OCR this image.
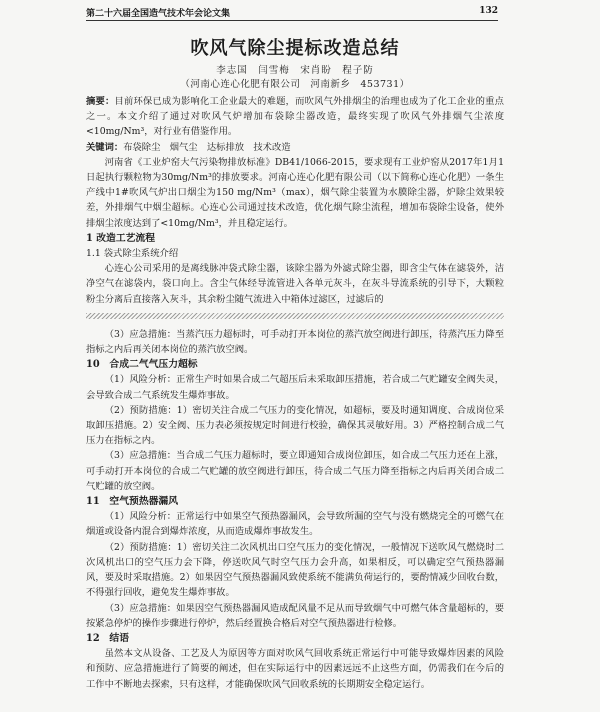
第二十六届全国造气技术年会论文集	132
吹风气除尘提标改造总结
李志国　闫雪梅　宋肖盼　程子防
（河南心连心化肥有限公司　河南新乡　453731）

摘要：目前环保已成为影响化工企业最大的难题，而吹风气外排烟尘的治理也成为了化工企业的重点之一。本文介绍了通过对吹风气炉增加布袋除尘器改造，最终实现了吹风气外排烟气尘浓度<10mg/Nm³，对行业有借鉴作用。

关键词：布袋除尘　烟气尘　达标排放　技术改造

河南省《工业炉窑大气污染物排放标准》DB41/1066-2015，要求现有工业炉窑从2017年1月1日起执行颗粒物为30mg/Nm³的排放要求。河南心连心化肥有限公司（以下简称心连心化肥）一条生产线中1#吹风气炉出口烟尘为150 mg/Nm³（max），烟气除尘装置为水膜除尘器，炉除尘效果较差，外排烟气中烟尘超标。心连心公司通过技术改造，优化烟气除尘流程，增加布袋除尘设备，使外排烟尘浓度达到了<10mg/Nm³，并且稳定运行。

1 改造工艺流程

1.1 袋式除尘系统介绍

心连心公司采用的是离线脉冲袋式除尘器，该除尘器为外滤式除尘器，即含尘气体在滤袋外，洁净空气在滤袋内，袋口向上。含尘气体经导流管进入各单元灰斗，在灰斗导流系统的引导下，大颗粒粉尘分离后直接落入灰斗，其余粉尘随气流进入中箱体过滤区，过滤后的

（3）应急措施：当蒸汽压力超标时，可手动打开本岗位的蒸汽放空阀进行卸压，待蒸汽压力降至指标之内后再关闭本岗位的蒸汽放空阀。

10　合成二气气压力超标

（1）风险分析：正常生产时如果合成二气超压后未采取卸压措施，若合成二气贮罐安全阀失灵，会导致合成二气系统发生爆炸事故。

（2）预防措施：1）密切关注合成二气压力的变化情况，如超标，要及时通知调度、合成岗位采取卸压措施。2）安全阀、压力表必须按规定时间进行校验，确保其灵敏好用。3）严格控制合成二气压力在指标之内。

（3）应急措施：当合成二气压力超标时，要立即通知合成岗位卸压，如合成二气压力还在上涨，可手动打开本岗位的合成二气贮罐的放空阀进行卸压，待合成二气压力降至指标之内后再关闭合成二气贮罐的放空阀。

11　空气预热器漏风

（1）风险分析：正常运行中如果空气预热器漏风，会导致所漏的空气与没有燃烧完全的可燃气在烟道或设备内混合到爆炸浓度，从而造成爆炸事故发生。

（2）预防措施：1）密切关注二次风机出口空气压力的变化情况，一般情况下送吹风气燃烧时二次风机出口的空气压力会下降，停送吹风气时空气压力会升高，如果相反，可以确定空气预热器漏风，要及时采取措施。2）如果因空气预热器漏风致使系统不能满负荷运行的，要酌情减少回收台数，不得强行回收，避免发生爆炸事故。

（3）应急措施：如果因空气预热器漏风造成配风量不足从而导致烟气中可燃气体含量超标的，要按紧急停炉的操作步骤进行停炉，然后经置换合格后对空气预热器进行检修。

12　结语

虽然本文从设备、工艺及人为原因等方面对吹风气回收系统正常运行中可能导致爆炸因素的风险和预防、应急措施进行了简要的阐述，但在实际运行中的因素远远不止这些方面，仍需我们在今后的工作中不断地去探索，只有这样，才能确保吹风气回收系统的长期期安全稳定运行。
